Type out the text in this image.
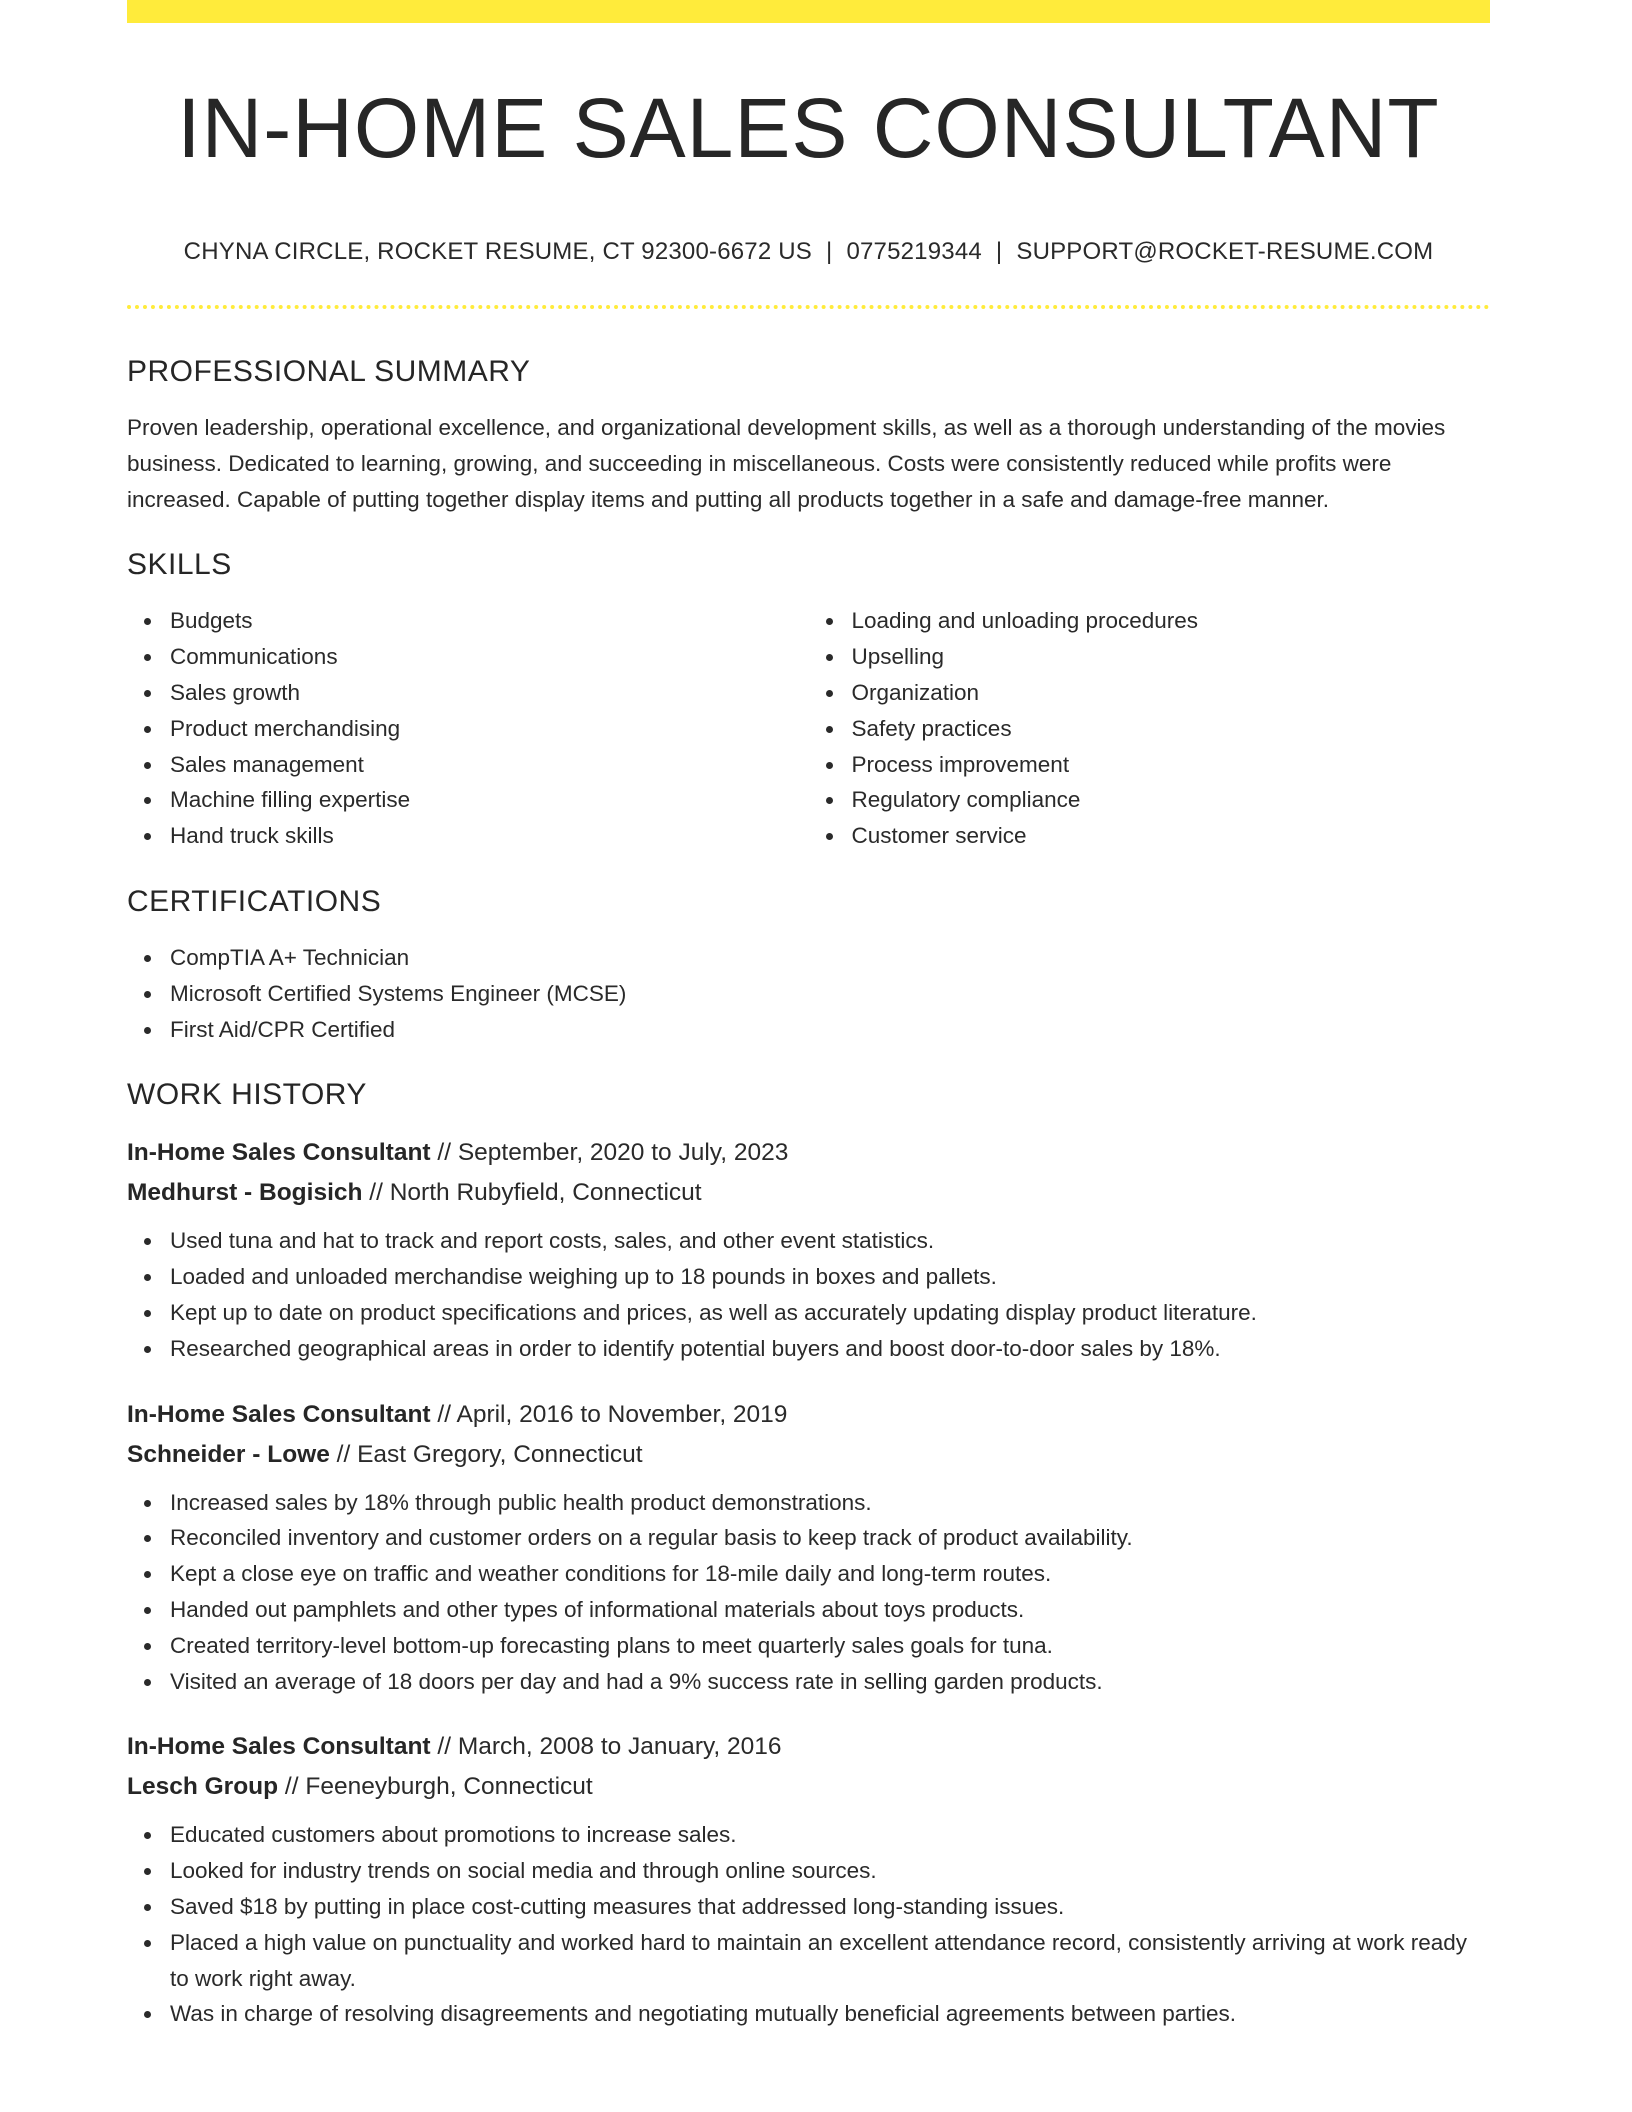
IN-HOME SALES CONSULTANT
CHYNA CIRCLE, ROCKET RESUME, CT 92300-6672 US | 0775219344 | SUPPORT@ROCKET-RESUME.COM
PROFESSIONAL SUMMARY

Proven leadership, operational excellence, and organizational development skills, as well as a thorough understanding of the movies business. Dedicated to learning, growing, and succeeding in miscellaneous. Costs were consistently reduced while profits were increased. Capable of putting together display items and putting all products together in a safe and damage-free manner.

SKILLS
Budgets
Communications
Sales growth
Product merchandising
Sales management
Machine filling expertise
Hand truck skills
Loading and unloading procedures
Upselling
Organization
Safety practices
Process improvement
Regulatory compliance
Customer service
CERTIFICATIONS
CompTIA A+ Technician
Microsoft Certified Systems Engineer (MCSE)
First Aid/CPR Certified
WORK HISTORY
In-Home Sales Consultant // September, 2020 to July, 2023
Medhurst - Bogisich // North Rubyfield, Connecticut
Used tuna and hat to track and report costs, sales, and other event statistics.
Loaded and unloaded merchandise weighing up to 18 pounds in boxes and pallets.
Kept up to date on product specifications and prices, as well as accurately updating display product literature.
Researched geographical areas in order to identify potential buyers and boost door-to-door sales by 18%.
In-Home Sales Consultant // April, 2016 to November, 2019
Schneider - Lowe // East Gregory, Connecticut
Increased sales by 18% through public health product demonstrations.
Reconciled inventory and customer orders on a regular basis to keep track of product availability.
Kept a close eye on traffic and weather conditions for 18-mile daily and long-term routes.
Handed out pamphlets and other types of informational materials about toys products.
Created territory-level bottom-up forecasting plans to meet quarterly sales goals for tuna.
Visited an average of 18 doors per day and had a 9% success rate in selling garden products.
In-Home Sales Consultant // March, 2008 to January, 2016
Lesch Group // Feeneyburgh, Connecticut
Educated customers about promotions to increase sales.
Looked for industry trends on social media and through online sources.
Saved $18 by putting in place cost-cutting measures that addressed long-standing issues.
Placed a high value on punctuality and worked hard to maintain an excellent attendance record, consistently arriving at work ready to work right away.
Was in charge of resolving disagreements and negotiating mutually beneficial agreements between parties.
